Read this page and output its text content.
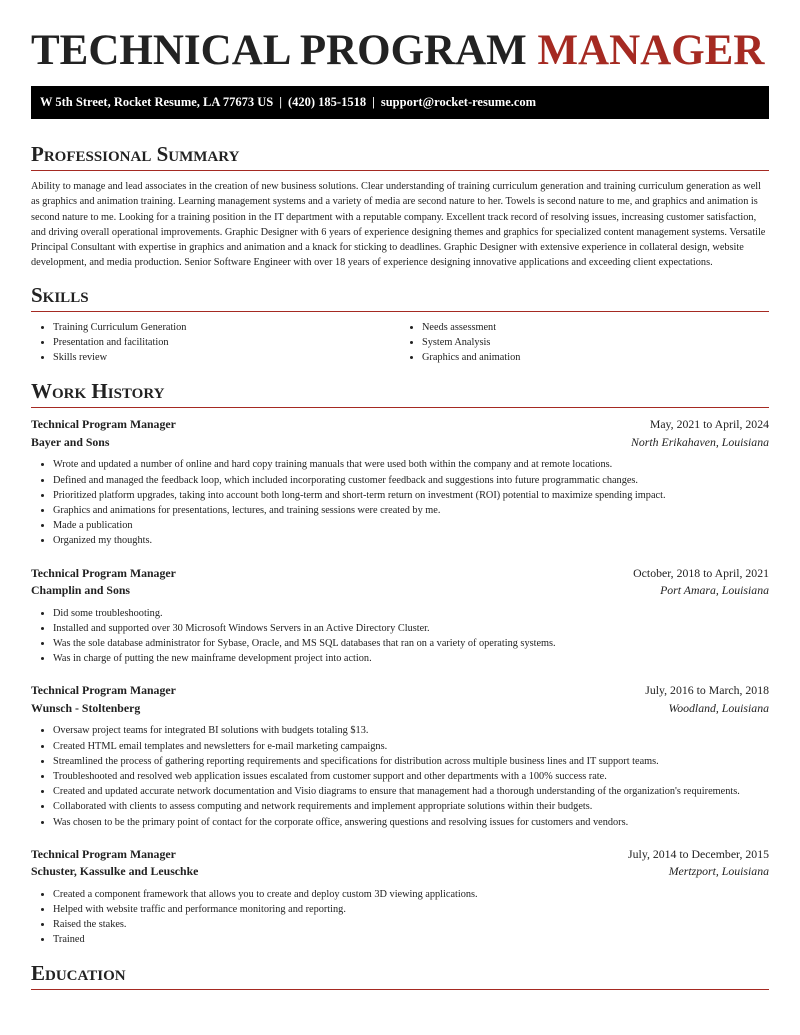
TECHNICAL PROGRAM MANAGER
W 5th Street, Rocket Resume, LA 77673 US | (420) 185-1518 | support@rocket-resume.com
Professional Summary

Ability to manage and lead associates in the creation of new business solutions. Clear understanding of training curriculum generation and training curriculum generation as well as graphics and animation training. Learning management systems and a variety of media are second nature to her. Towels is second nature to me, and graphics and animation is second nature to me. Looking for a training position in the IT department with a reputable company. Excellent track record of resolving issues, increasing customer satisfaction, and driving overall operational improvements. Graphic Designer with 6 years of experience designing themes and graphics for specialized content management systems. Versatile Principal Consultant with expertise in graphics and animation and a knack for sticking to deadlines. Graphic Designer with extensive experience in collateral design, website development, and media production. Senior Software Engineer with over 18 years of experience designing innovative applications and exceeding client expectations.

Skills
• Training Curriculum Generation
• Presentation and facilitation
• Skills review
• Needs assessment
• System Analysis
• Graphics and animation
Work History
Technical Program Manager	May, 2021 to April, 2024
Bayer and Sons	North Erikahaven, Louisiana
• Wrote and updated a number of online and hard copy training manuals that were used both within the company and at remote locations.
• Defined and managed the feedback loop, which included incorporating customer feedback and suggestions into future programmatic changes.
• Prioritized platform upgrades, taking into account both long-term and short-term return on investment (ROI) potential to maximize spending impact.
• Graphics and animations for presentations, lectures, and training sessions were created by me.
• Made a publication
• Organized my thoughts.
Technical Program Manager	October, 2018 to April, 2021
Champlin and Sons	Port Amara, Louisiana
• Did some troubleshooting.
• Installed and supported over 30 Microsoft Windows Servers in an Active Directory Cluster.
• Was the sole database administrator for Sybase, Oracle, and MS SQL databases that ran on a variety of operating systems.
• Was in charge of putting the new mainframe development project into action.
Technical Program Manager	July, 2016 to March, 2018
Wunsch - Stoltenberg	Woodland, Louisiana
• Oversaw project teams for integrated BI solutions with budgets totaling $13.
• Created HTML email templates and newsletters for e-mail marketing campaigns.
• Streamlined the process of gathering reporting requirements and specifications for distribution across multiple business lines and IT support teams.
• Troubleshooted and resolved web application issues escalated from customer support and other departments with a 100% success rate.
• Created and updated accurate network documentation and Visio diagrams to ensure that management had a thorough understanding of the organization's requirements.
• Collaborated with clients to assess computing and network requirements and implement appropriate solutions within their budgets.
• Was chosen to be the primary point of contact for the corporate office, answering questions and resolving issues for customers and vendors.
Technical Program Manager	July, 2014 to December, 2015
Schuster, Kassulke and Leuschke	Mertzport, Louisiana
• Created a component framework that allows you to create and deploy custom 3D viewing applications.
• Helped with website traffic and performance monitoring and reporting.
• Raised the stakes.
• Trained
Education
